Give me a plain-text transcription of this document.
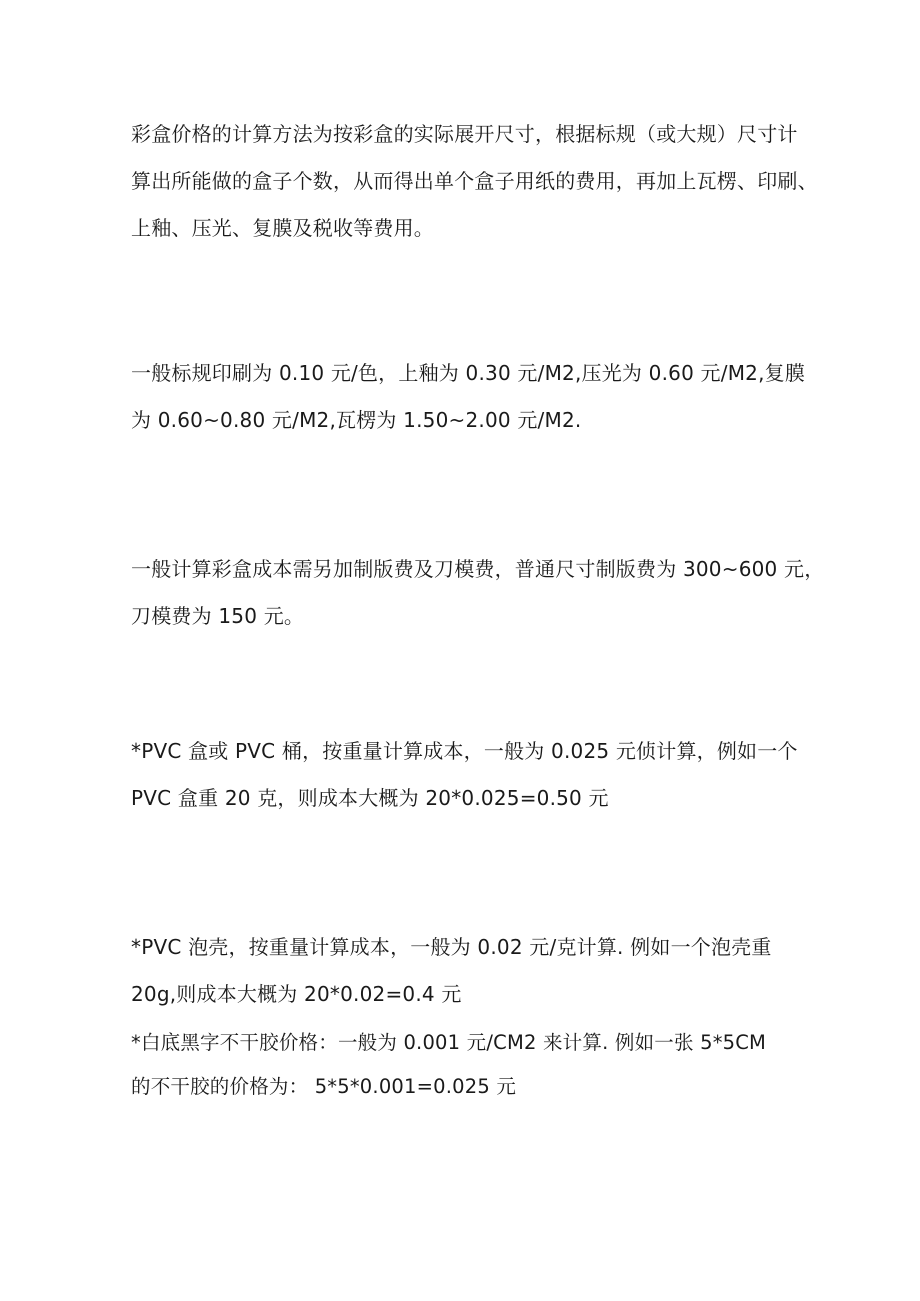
彩盒价格的计算方法为按彩盒的实际展开尺寸，根据标规（或大规）尺寸计
算出所能做的盒子个数，从而得出单个盒子用纸的费用，再加上瓦楞、印刷、
上釉、压光、复膜及税收等费用。
一般标规印刷为 0.10 元/色，上釉为 0.30 元/M2,压光为 0.60 元/M2,复膜
为 0.60~0.80 元/M2,瓦楞为 1.50~2.00 元/M2.
一般计算彩盒成本需另加制版费及刀模费，普通尺寸制版费为 300~600 元，
刀模费为 150 元。
*PVC 盒或 PVC 桶，按重量计算成本，一般为 0.025 元侦计算，例如一个
PVC 盒重 20 克，则成本大概为 20*0.025=0.50 元
*PVC 泡壳，按重量计算成本，一般为 0.02 元/克计算. 例如一个泡壳重
20g,则成本大概为 20*0.02=0.4 元
*白底黑字不干胶价格：一般为 0.001 元/CM2 来计算. 例如一张 5*5CM
的不干胶的价格为： 5*5*0.001=0.025 元
